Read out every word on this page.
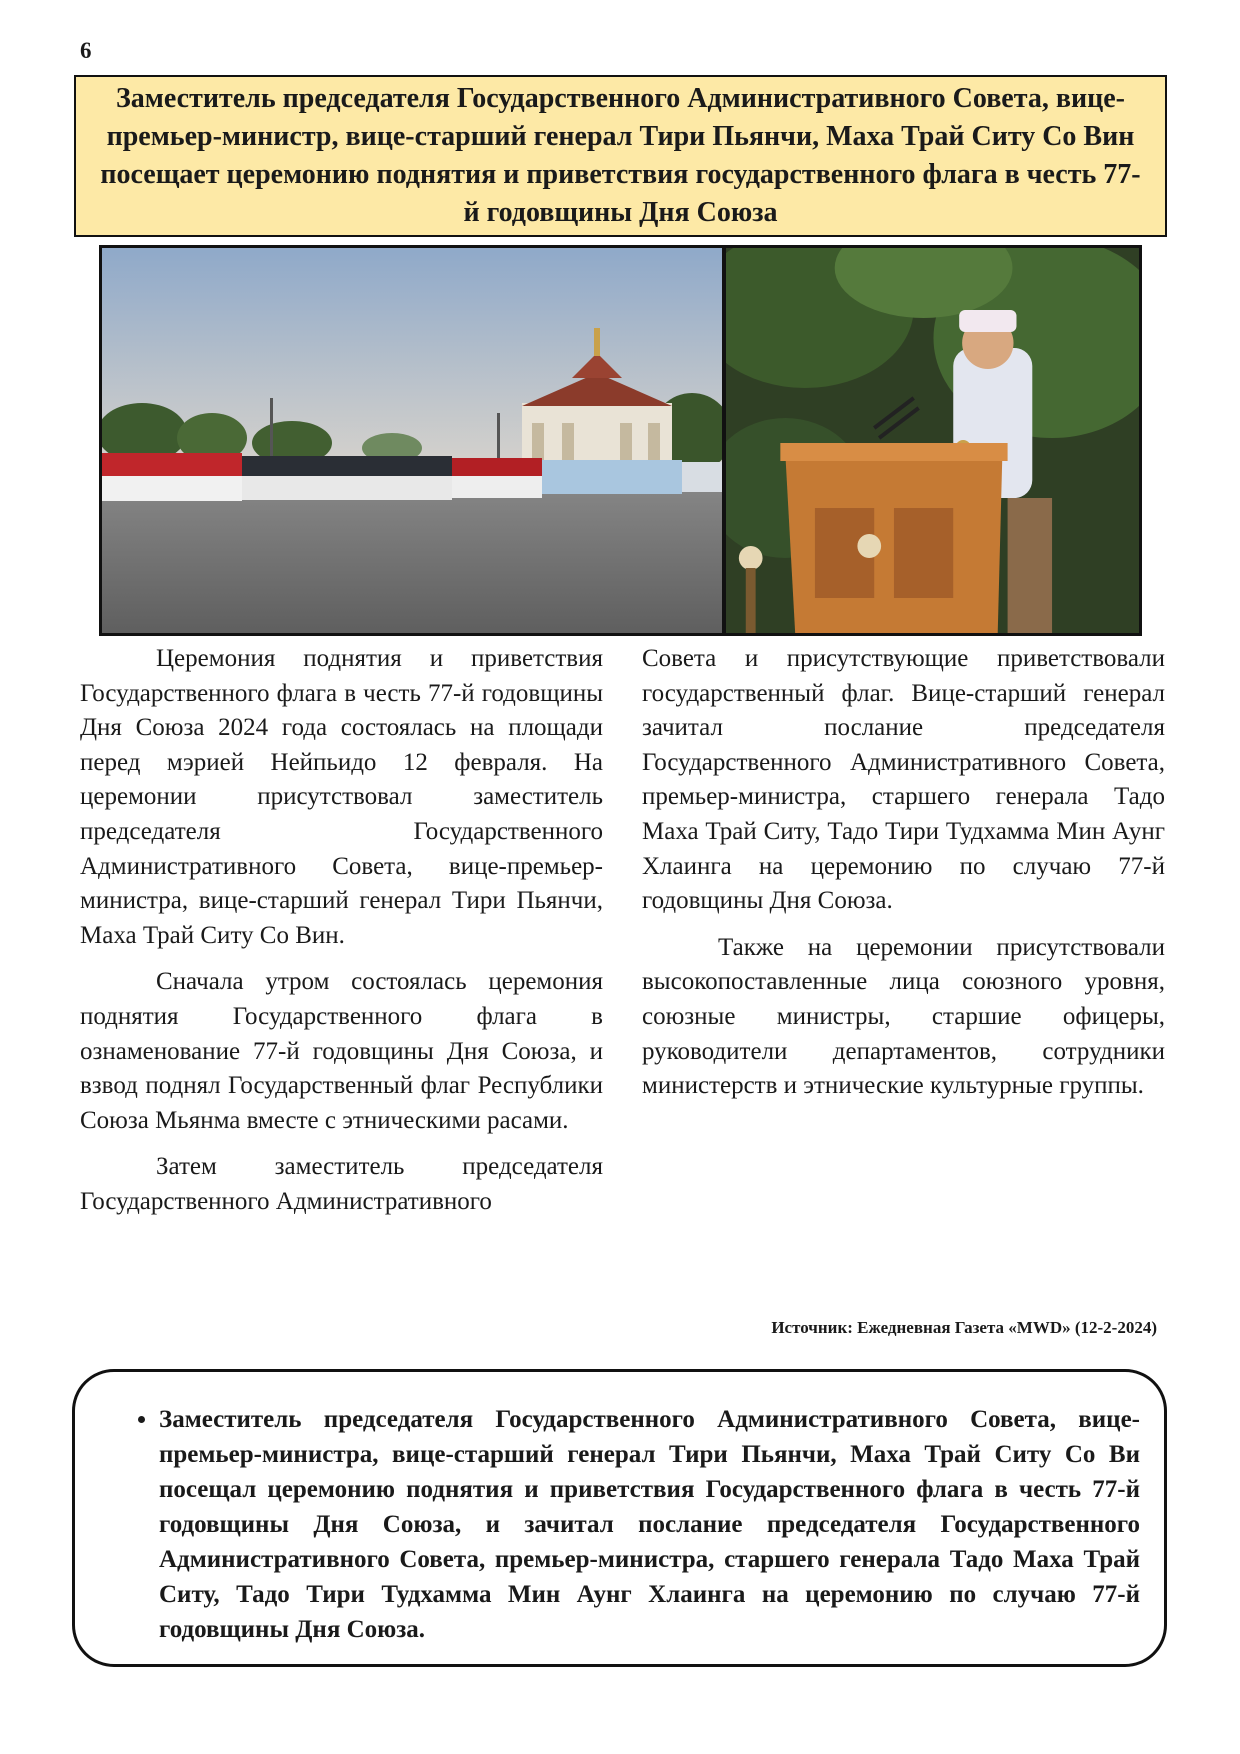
6

Заместитель председателя Государственного Административного Совета, вице-премьер-министр, вице-старший генерал Тири Пьянчи, Маха Трай Ситу Со Вин посещает церемонию поднятия и приветствия государственного флага в честь 77-й годовщины Дня Союза

Церемония поднятия и приветствия Государственного флага в честь 77-й годовщины Дня Союза 2024 года состоялась на площади перед мэрией Нейпьидо 12 февраля. На церемонии присутствовал заместитель председателя Государственного Административного Совета, вице-премьер-министра, вице-старший генерал Тири Пьянчи, Маха Трай Ситу Со Вин.

Сначала утром состоялась церемония поднятия Государственного флага в ознаменование 77-й годовщины Дня Союза, и взвод поднял Государственный флаг Республики Союза Мьянма вместе с этническими расами.

Затем заместитель председателя Государственного Административного

Совета и присутствующие приветствовали государственный флаг. Вице-старший генерал зачитал послание председателя Государственного Административного Совета, премьер-министра, старшего генерала Тадо Маха Трай Ситу, Тадо Тири Тудхамма Мин Аунг Хлаинга на церемонию по случаю 77-й годовщины Дня Союза.

Также на церемонии присутствовали высокопоставленные лица союзного уровня, союзные министры, старшие офицеры, руководители департаментов, сотрудники министерств и этнические культурные группы.

Источник: Ежедневная Газета «MWD» (12-2-2024)
• Заместитель председателя Государственного Административного Совета, вице-премьер-министра, вице-старший генерал Тири Пьянчи, Маха Трай Ситу Со Ви посещал церемонию поднятия и приветствия Государственного флага в честь 77-й годовщины Дня Союза, и зачитал послание председателя Государственного Административного Совета, премьер-министра, старшего генерала Тадо Маха Трай Ситу, Тадо Тири Тудхамма Мин Аунг Хлаинга на церемонию по случаю 77-й годовщины Дня Союза.
